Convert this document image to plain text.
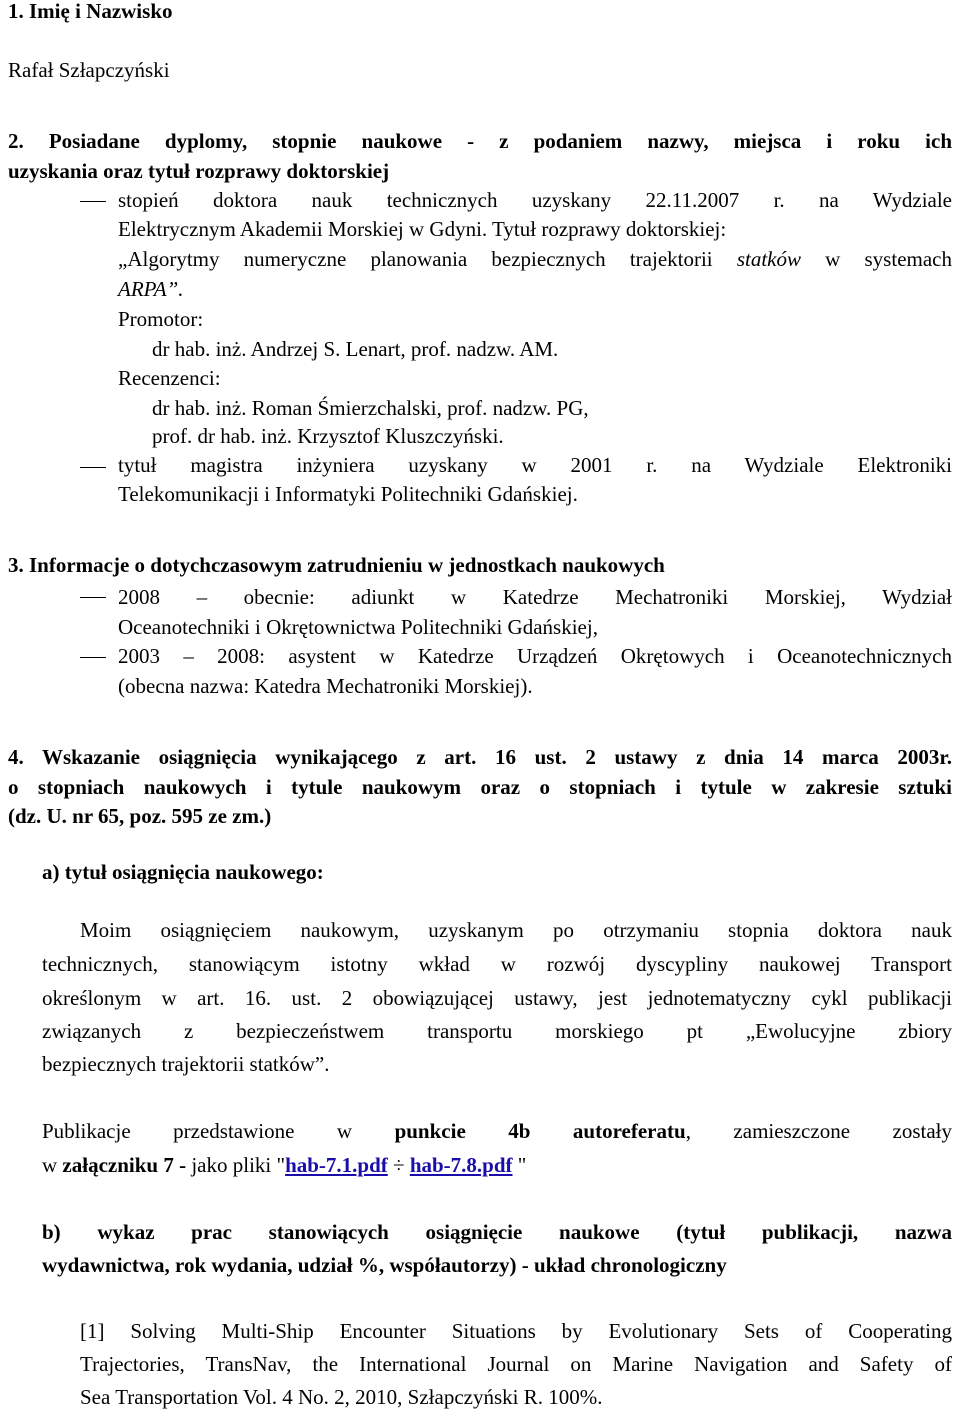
1. Imię i Nazwisko
Rafał Szłapczyński
2. Posiadane dyplomy, stopnie naukowe - z podaniem nazwy, miejsca i roku ich
uzyskania oraz tytuł rozprawy doktorskiej
stopień doktora nauk technicznych uzyskany 22.11.2007 r. na Wydziale
Elektrycznym Akademii Morskiej w Gdyni. Tytuł rozprawy doktorskiej:
„Algorytmy numeryczne planowania bezpiecznych trajektorii statków w systemach
ARPA”.
Promotor:
dr hab. inż. Andrzej S. Lenart, prof. nadzw. AM.
Recenzenci:
dr hab. inż. Roman Śmierzchalski, prof. nadzw. PG,
prof. dr hab. inż. Krzysztof Kluszczyński.
tytuł magistra inżyniera uzyskany w 2001 r. na Wydziale Elektroniki
Telekomunikacji i Informatyki Politechniki Gdańskiej.
3. Informacje o dotychczasowym zatrudnieniu w jednostkach naukowych
2008 – obecnie: adiunkt w Katedrze Mechatroniki Morskiej, Wydział
Oceanotechniki i Okrętownictwa Politechniki Gdańskiej,
2003 – 2008: asystent w Katedrze Urządzeń Okrętowych i Oceanotechnicznych
(obecna nazwa: Katedra Mechatroniki Morskiej).
4. Wskazanie osiągnięcia wynikającego z art. 16 ust. 2 ustawy z dnia 14 marca 2003r.
o stopniach naukowych i tytule naukowym oraz o stopniach i tytule w zakresie sztuki
(dz. U. nr 65, poz. 595 ze zm.)
a) tytuł osiągnięcia naukowego:
Moim osiągnięciem naukowym, uzyskanym po otrzymaniu stopnia doktora nauk
technicznych, stanowiącym istotny wkład w rozwój dyscypliny naukowej Transport
określonym w art. 16. ust. 2 obowiązującej ustawy, jest jednotematyczny cykl publikacji
związanych z bezpieczeństwem transportu morskiego pt „Ewolucyjne zbiory
bezpiecznych trajektorii statków”.
Publikacje przedstawione w punkcie 4b autoreferatu, zamieszczone zostały
w załączniku 7 - jako pliki "hab-7.1.pdf ÷ hab-7.8.pdf "
b) wykaz prac stanowiących osiągnięcie naukowe (tytuł publikacji, nazwa
wydawnictwa, rok wydania, udział %, współautorzy) - układ chronologiczny
[1] Solving Multi-Ship Encounter Situations by Evolutionary Sets of Cooperating
Trajectories, TransNav, the International Journal on Marine Navigation and Safety of
Sea Transportation Vol. 4 No. 2, 2010, Szłapczyński R. 100%.
